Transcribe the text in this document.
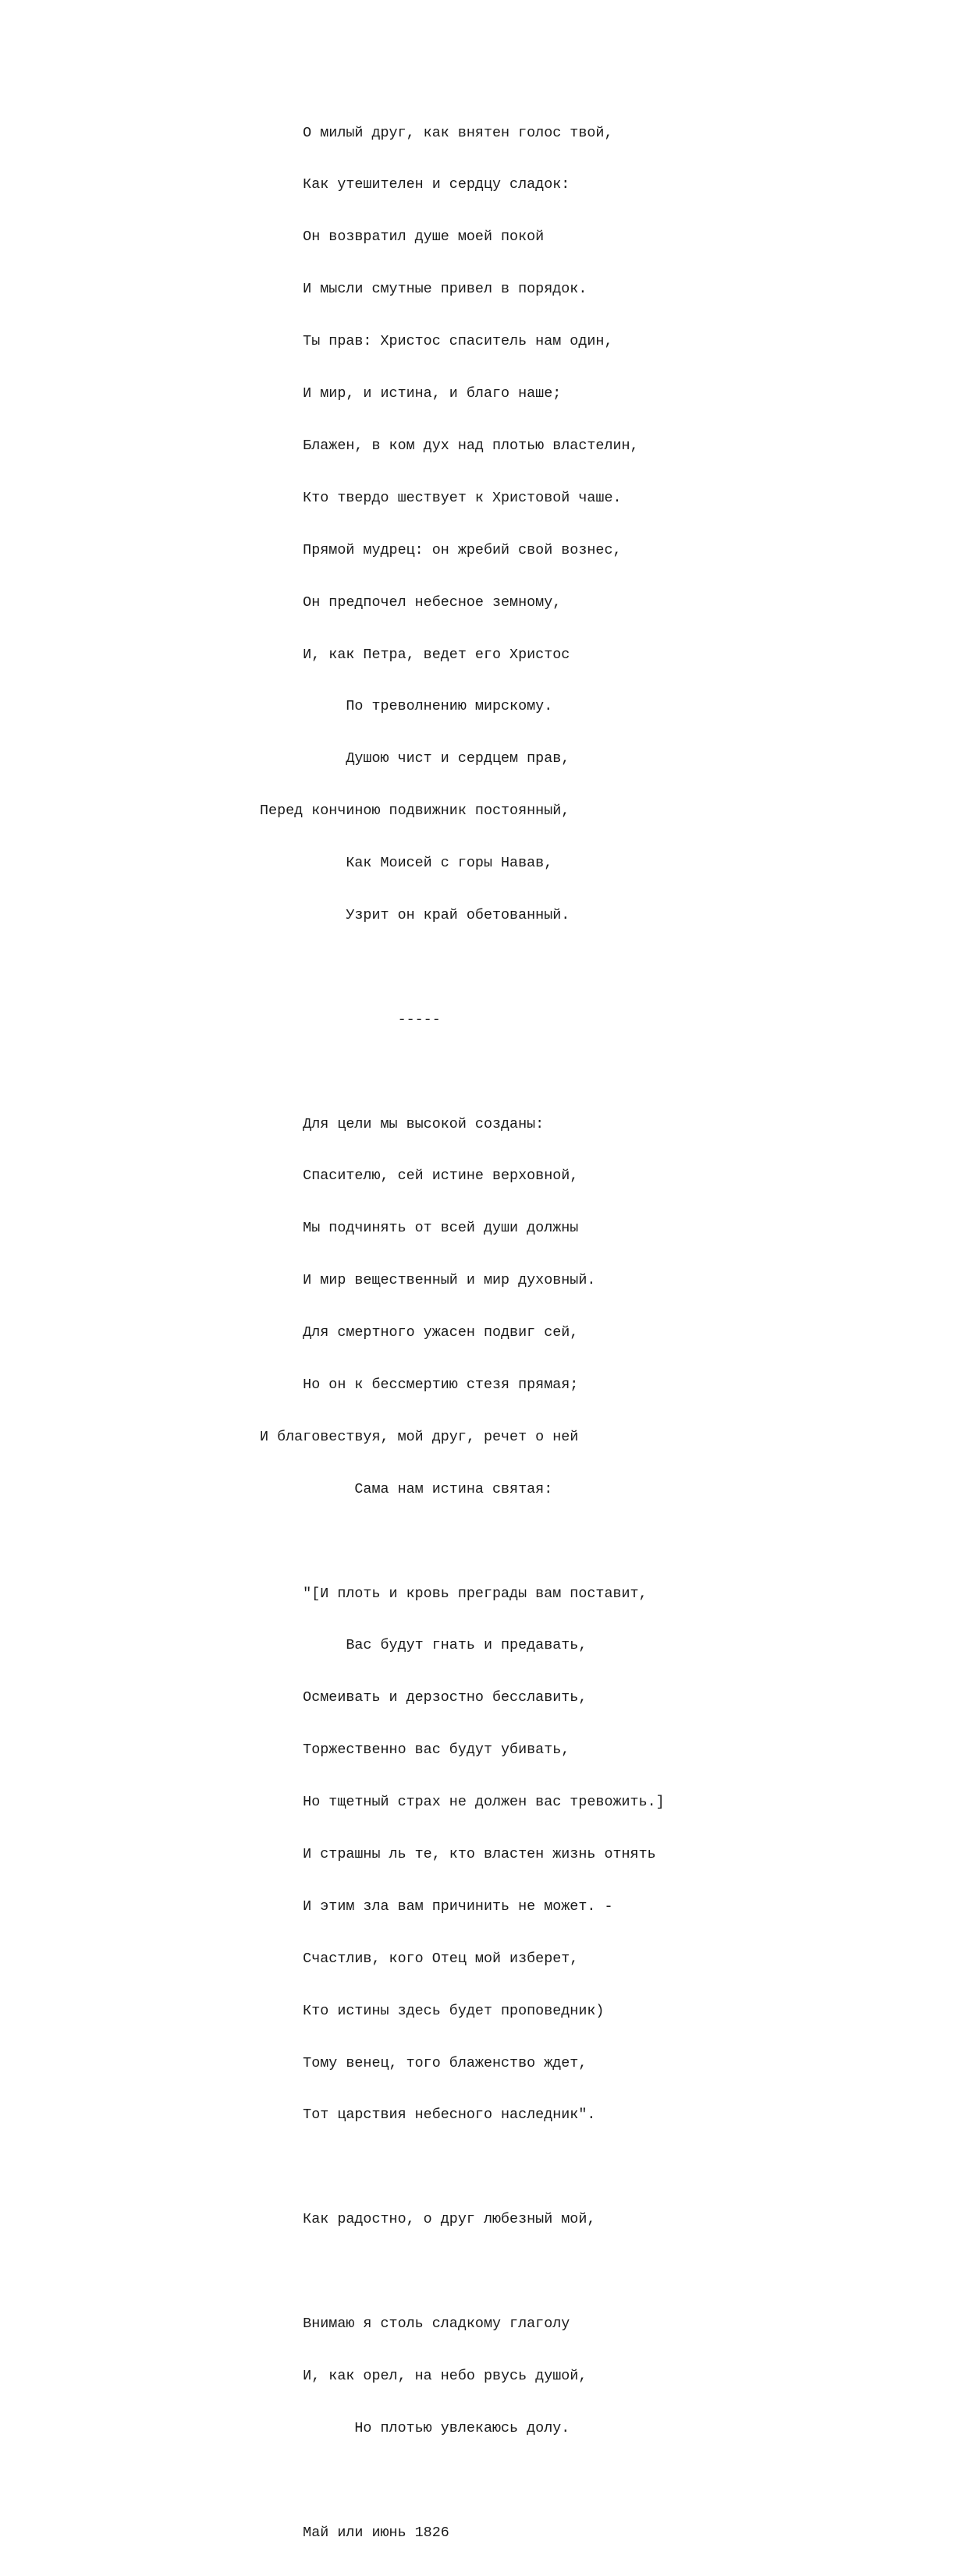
О милый друг, как внятен голос твой,

Как утешителен и сердцу сладок:

Он возвратил душе моей покой

И мысли смутные привел в порядок.

Ты прав: Христос спаситель нам один,

И мир, и истина, и благо наше;

Блажен, в ком дух над плотью властелин,

Кто твердо шествует к Христовой чаше.

Прямой мудрец: он жребий свой вознес,

Он предпочел небесное земному,

И, как Петра, ведет его Христос

По треволнению мирскому.

Душою чист и сердцем прав,

Перед кончиною подвижник постоянный,

Как Моисей с горы Навав,

Узрит он край обетованный.

-----

Для цели мы высокой созданы:

Спасителю, сей истине верховной,

Мы подчинять от всей души должны

И мир вещественный и мир духовный.

Для смертного ужасен подвиг сей,

Но он к бессмертию стезя прямая;

И благовествуя, мой друг, речет о ней

Сама нам истина святая:

"[И плоть и кровь преграды вам поставит,

Вас будут гнать и предавать,

Осмеивать и дерзостно бесславить,

Торжественно вас будут убивать,

Но тщетный страх не должен вас тревожить.]

И страшны ль те, кто властен жизнь отнять

И этим зла вам причинить не может. -

Счастлив, кого Отец мой изберет,

Кто истины здесь будет проповедник)

Тому венец, того блаженство ждет,

Тот царствия небесного наследник".

Как радостно, о друг любезный мой,

Внимаю я столь сладкому глаголу

И, как орел, на небо рвусь душой,

Но плотью увлекаюсь долу.

Май или июнь 1826
